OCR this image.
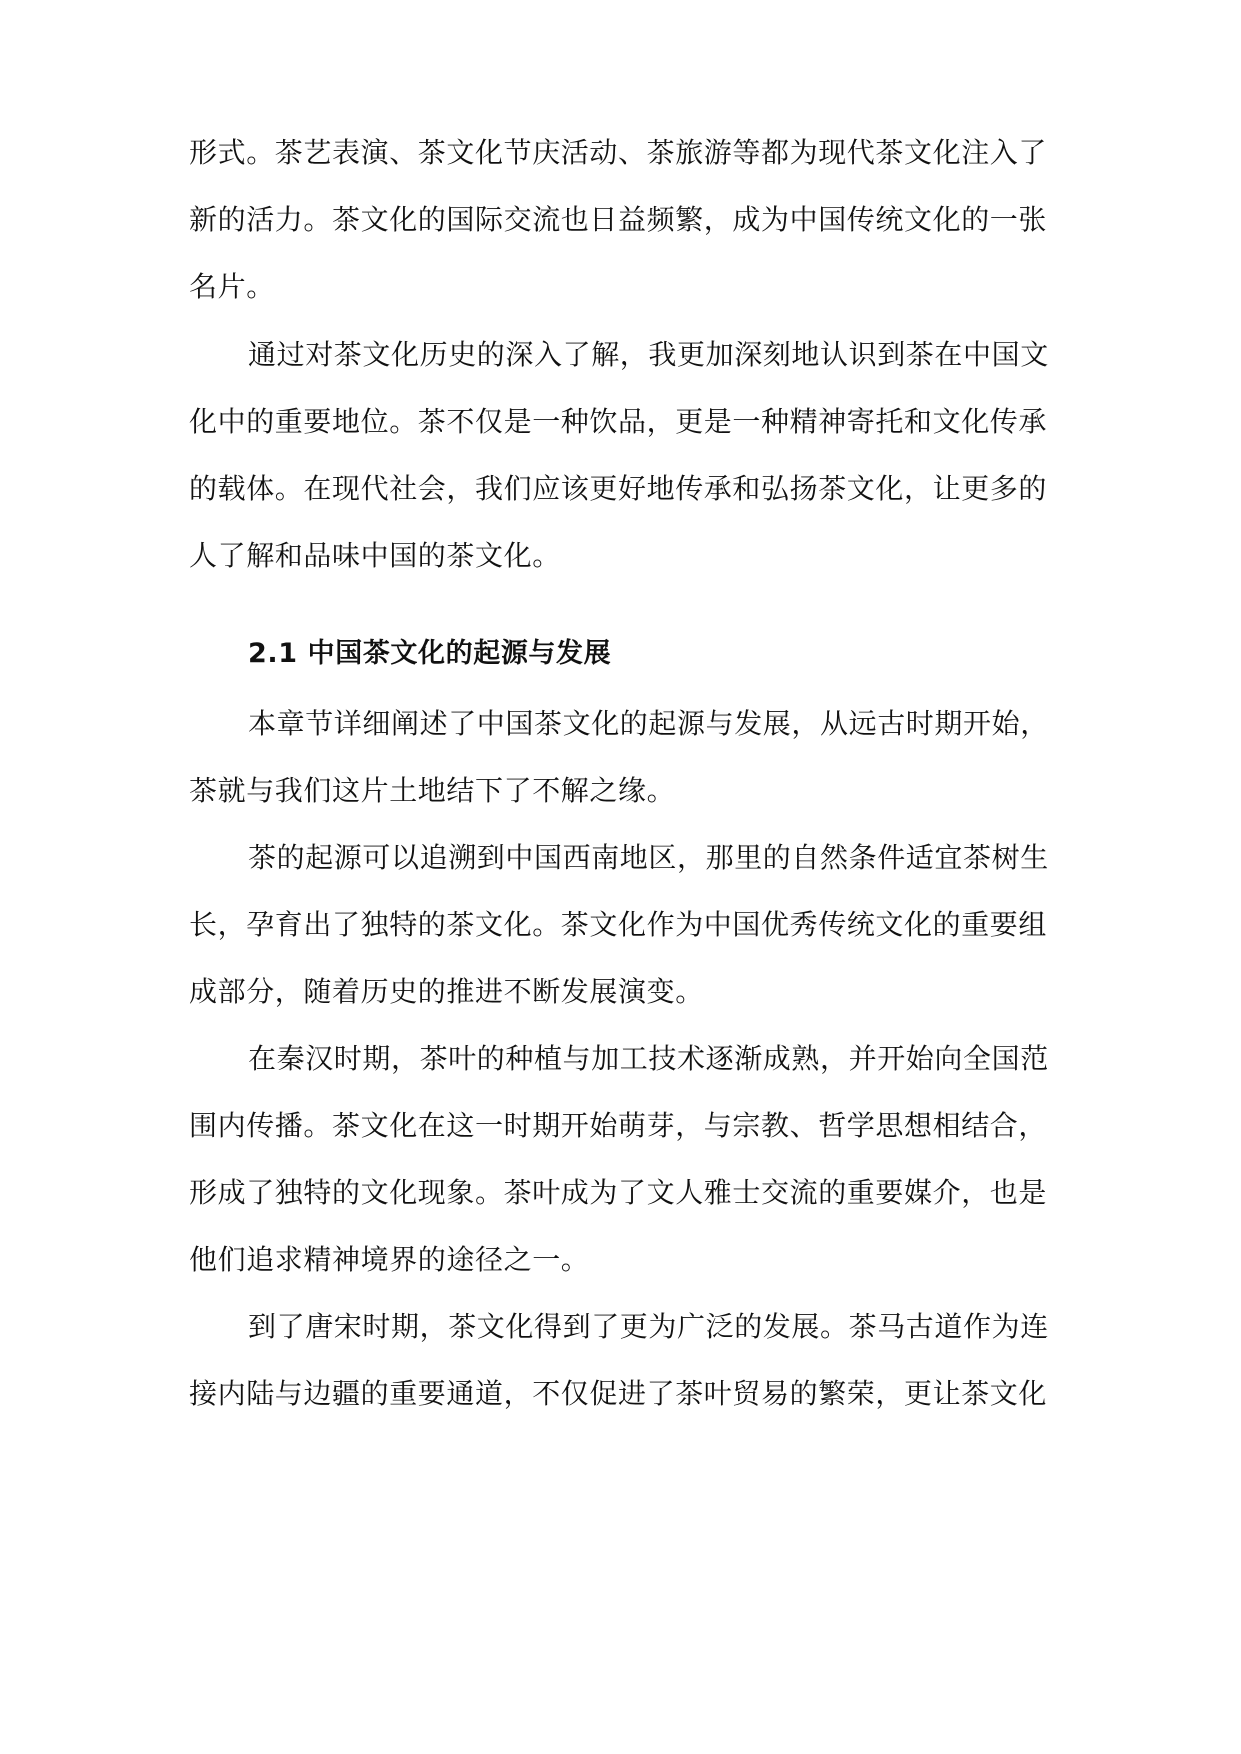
形式。茶艺表演、茶文化节庆活动、茶旅游等都为现代茶文化注入了
新的活力。茶文化的国际交流也日益频繁，成为中国传统文化的一张
名片。
通过对茶文化历史的深入了解，我更加深刻地认识到茶在中国文
化中的重要地位。茶不仅是一种饮品，更是一种精神寄托和文化传承
的载体。在现代社会，我们应该更好地传承和弘扬茶文化，让更多的
人了解和品味中国的茶文化。
2.1 中国茶文化的起源与发展
本章节详细阐述了中国茶文化的起源与发展，从远古时期开始，
茶就与我们这片土地结下了不解之缘。
茶的起源可以追溯到中国西南地区，那里的自然条件适宜茶树生
长，孕育出了独特的茶文化。茶文化作为中国优秀传统文化的重要组
成部分，随着历史的推进不断发展演变。
在秦汉时期，茶叶的种植与加工技术逐渐成熟，并开始向全国范
围内传播。茶文化在这一时期开始萌芽，与宗教、哲学思想相结合，
形成了独特的文化现象。茶叶成为了文人雅士交流的重要媒介，也是
他们追求精神境界的途径之一。
到了唐宋时期，茶文化得到了更为广泛的发展。茶马古道作为连
接内陆与边疆的重要通道，不仅促进了茶叶贸易的繁荣，更让茶文化
